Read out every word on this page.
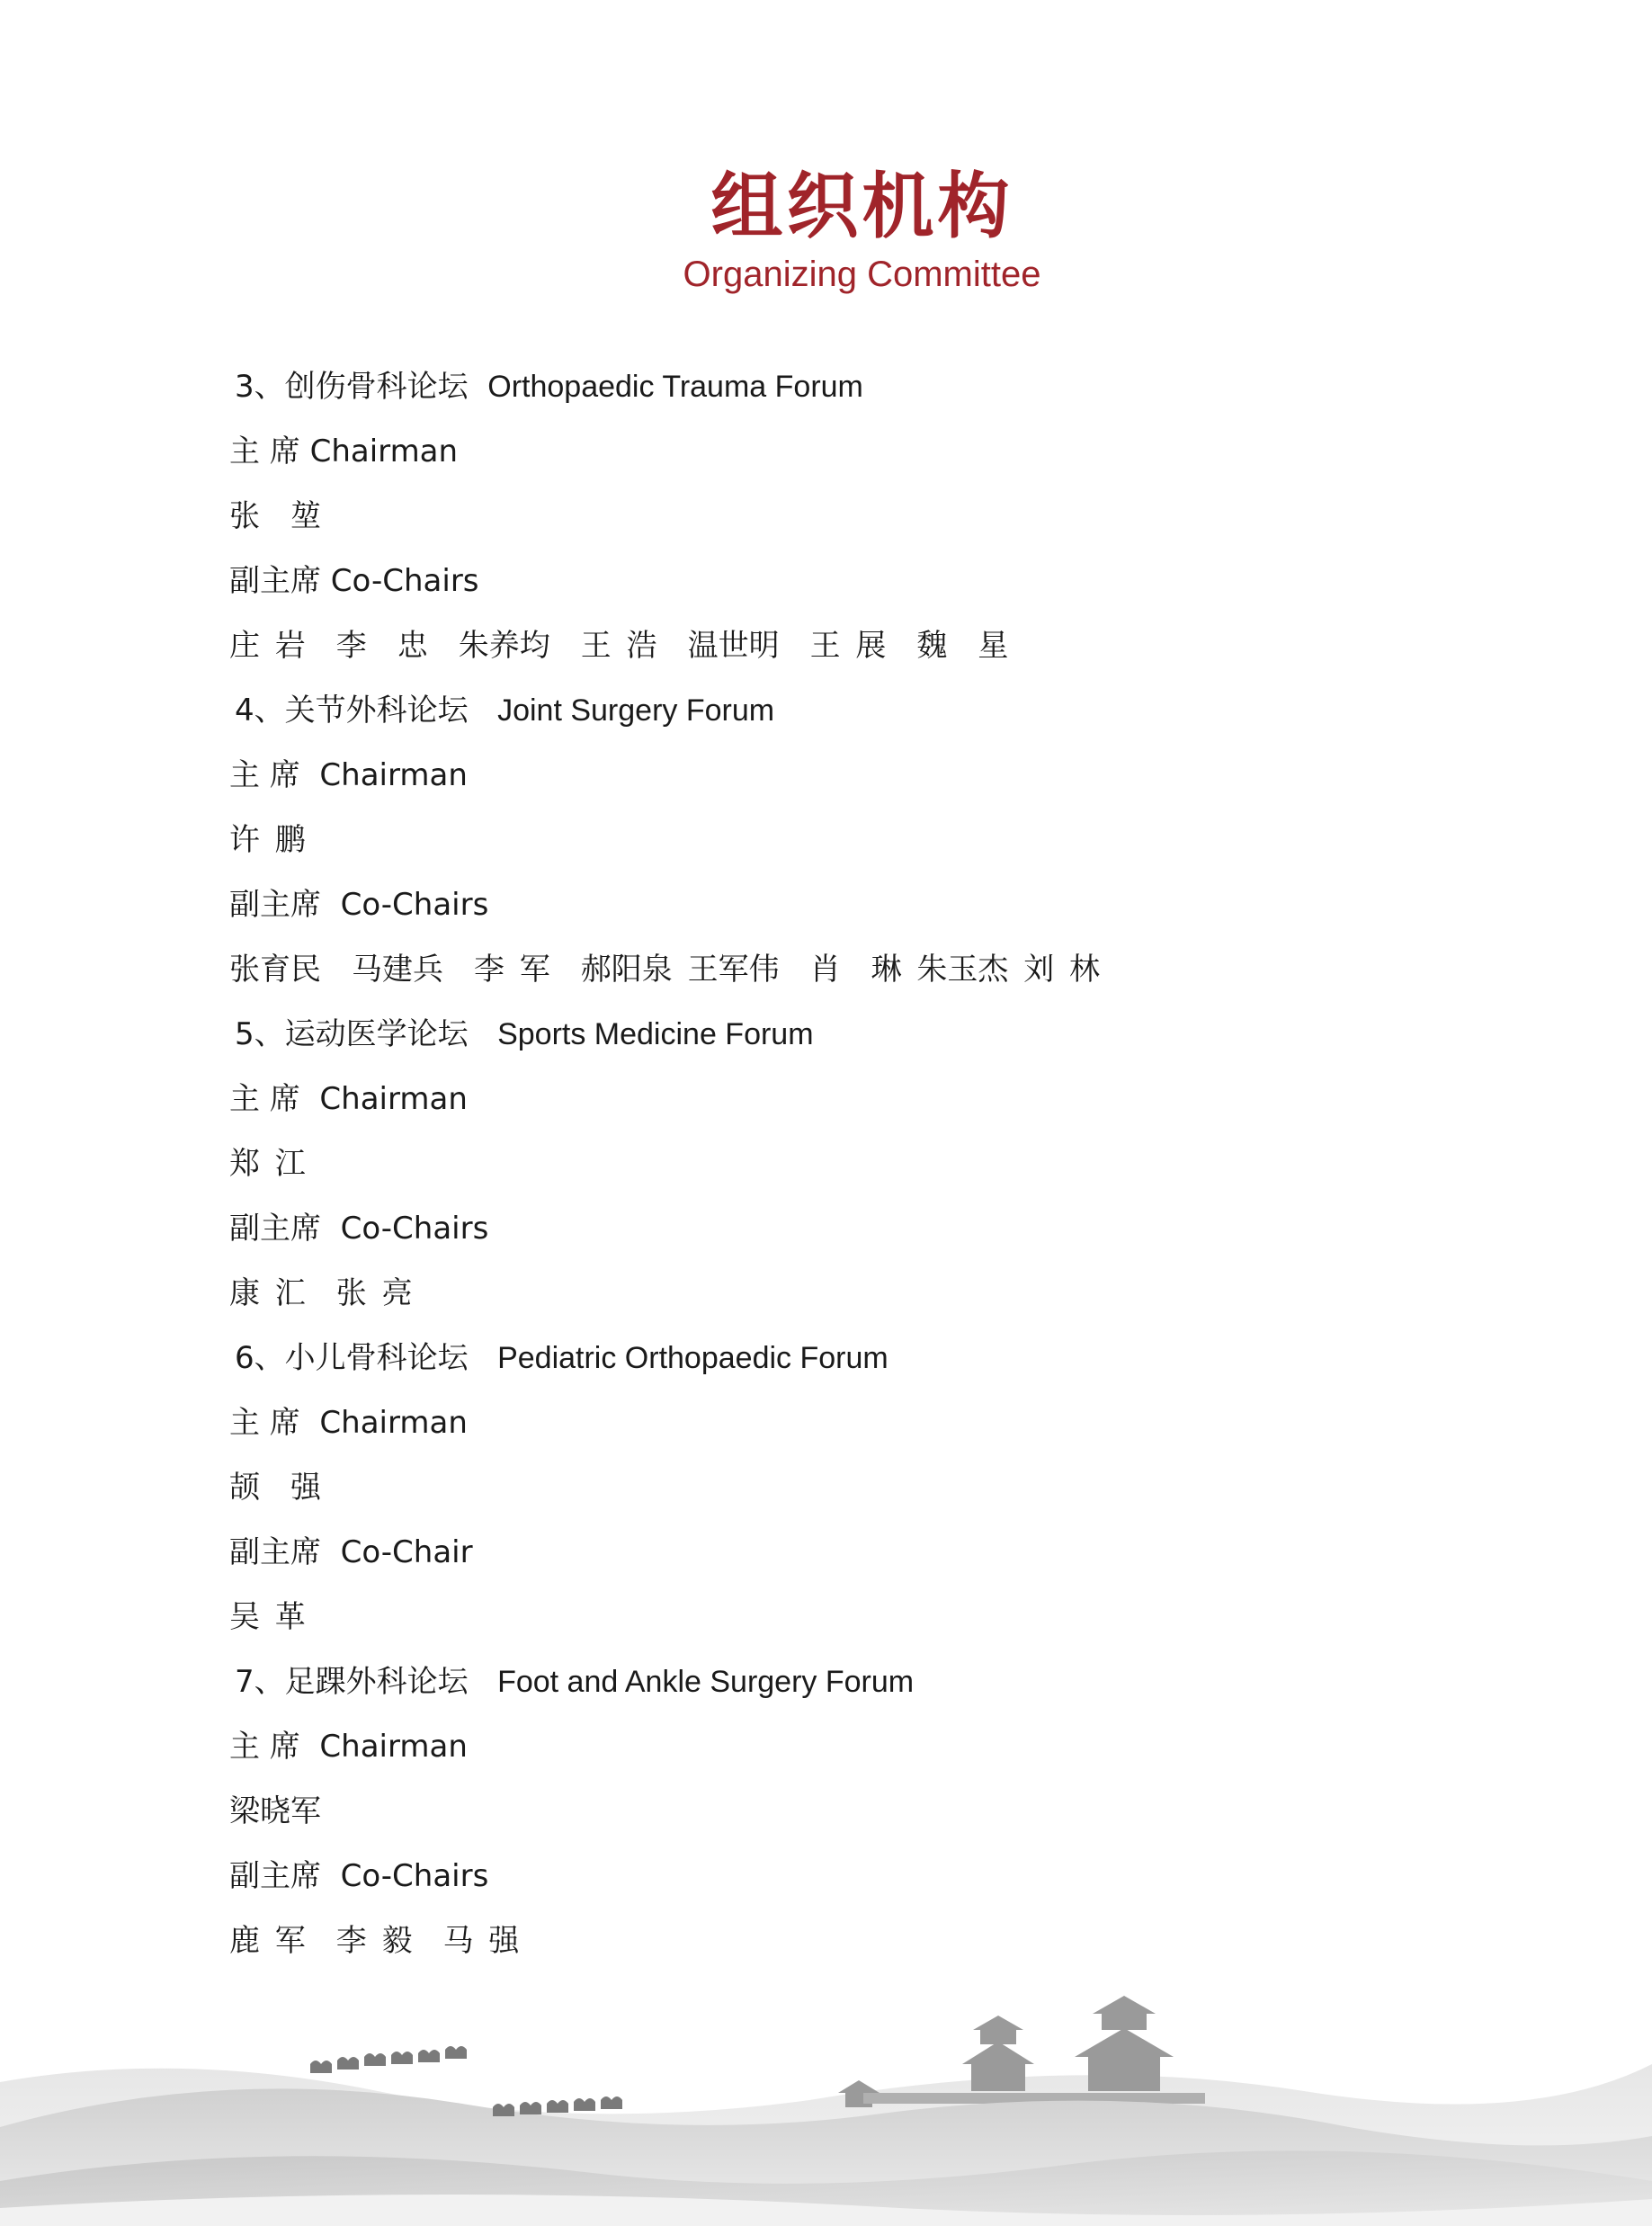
组织机构
Organizing Committee
3、创伤骨科论坛 Orthopaedic Trauma Forum
主 席 Chairman
张　堃
副主席 Co-Chairs
庄 岩　李　忠　朱养均　王 浩　温世明　王 展　魏　星
4、关节外科论坛 Joint Surgery Forum
主 席  Chairman
许 鹏
副主席  Co-Chairs
张育民　马建兵　李 军　郝阳泉 王军伟　肖　琳 朱玉杰 刘 林
5、运动医学论坛 Sports Medicine Forum
主 席  Chairman
郑 江
副主席  Co-Chairs
康 汇　张 亮
6、小儿骨科论坛 Pediatric Orthopaedic Forum
主 席  Chairman
颉　强
副主席  Co-Chair
吴 革
7、足踝外科论坛 Foot and Ankle Surgery Forum
主 席  Chairman
梁晓军
副主席  Co-Chairs
鹿 军　李 毅　马 强
